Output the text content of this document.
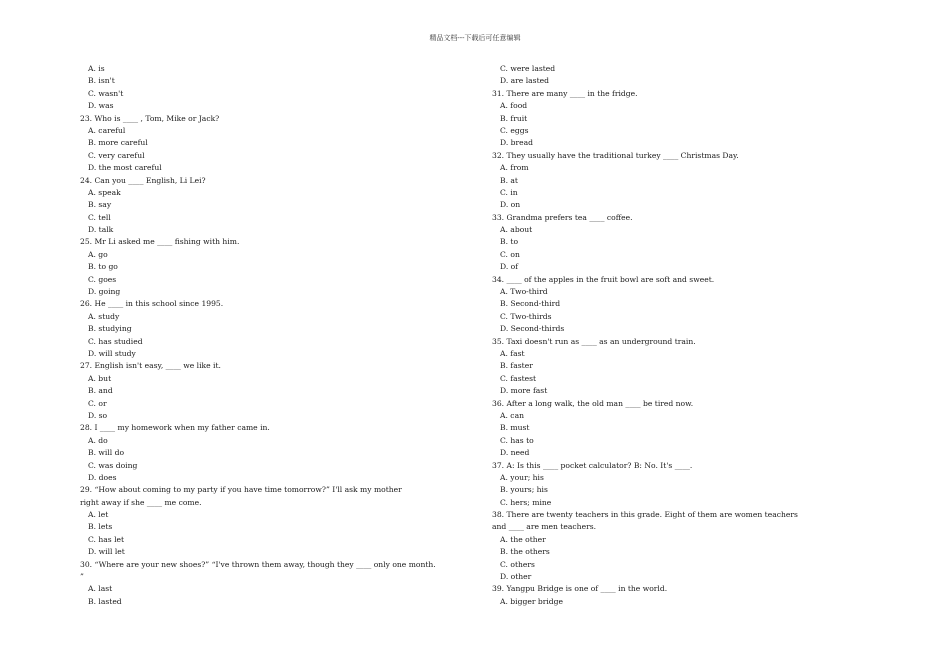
精品文档---下载后可任意编辑
A. is
B. isn't
C. wasn't
D. was
23. Who is ____ , Tom, Mike or Jack?
A. careful
B. more careful
C. very careful
D. the most careful
24. Can you ____ English, Li Lei?
A. speak
B. say
C. tell
D. talk
25. Mr Li asked me ____ fishing with him.
A. go
B. to go
C. goes
D. going
26. He ____ in this school since 1995.
A. study
B. studying
C. has studied
D. will study
27. English isn't easy, ____ we like it.
A. but
B. and
C. or
D. so
28. I ____ my homework when my father came in.
A. do
B. will do
C. was doing
D. does
29. “How about coming to my party if you have time tomorrow?” I'll ask my mother
right away if she ____ me come.
A. let
B. lets
C. has let
D. will let
30. “Where are your new shoes?” “I've thrown them away, though they ____ only one month.
”
A. last
B. lasted
C. were lasted
D. are lasted
31. There are many ____ in the fridge.
A. food
B. fruit
C. eggs
D. bread
32. They usually have the traditional turkey ____ Christmas Day.
A. from
B. at
C. in
D. on
33. Grandma prefers tea ____ coffee.
A. about
B. to
C. on
D. of
34. ____ of the apples in the fruit bowl are soft and sweet.
A. Two-third
B. Second-third
C. Two-thirds
D. Second-thirds
35. Taxi doesn't run as ____ as an underground train.
A. fast
B. faster
C. fastest
D. more fast
36. After a long walk, the old man ____ be tired now.
A. can
B. must
C. has to
D. need
37. A: Is this ____ pocket calculator? B: No. It's ____.
A. your; his
B. yours; his
C. hers; mine
38. There are twenty teachers in this grade. Eight of them are women teachers
and ____ are men teachers.
A. the other
B. the others
C. others
D. other
39. Yangpu Bridge is one of ____ in the world.
A. bigger bridge
